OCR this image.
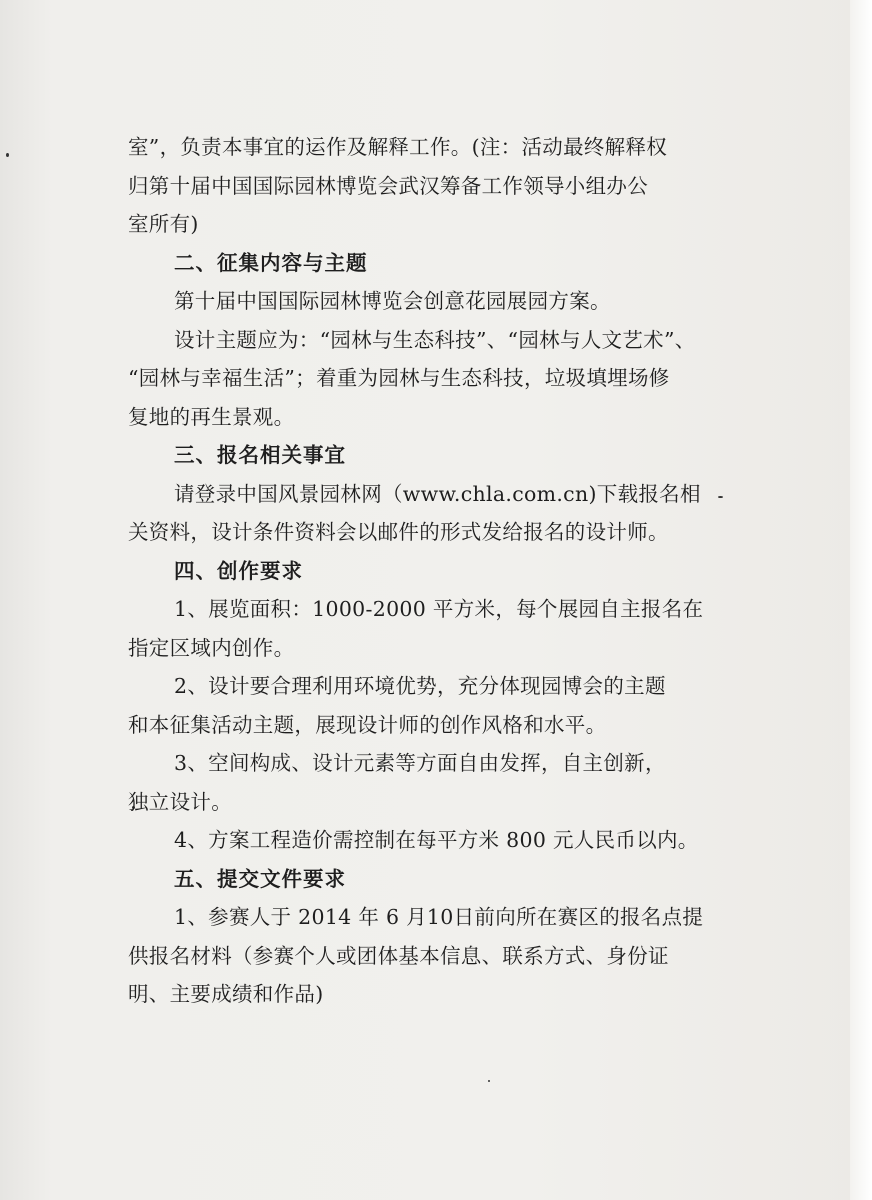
室”，负责本事宜的运作及解释工作。(注：活动最终解释权
归第十届中国国际园林博览会武汉筹备工作领导小组办公
室所有)
二、征集内容与主题
第十届中国国际园林博览会创意花园展园方案。
设计主题应为：“园林与生态科技”、“园林与人文艺术”、
“园林与幸福生活”；着重为园林与生态科技，垃圾填埋场修
复地的再生景观。
三、报名相关事宜
请登录中国风景园林网（www.chla.com.cn)下载报名相
关资料，设计条件资料会以邮件的形式发给报名的设计师。
四、创作要求
1、展览面积：1000-2000 平方米，每个展园自主报名在
指定区域内创作。
2、设计要合理利用环境优势，充分体现园博会的主题
和本征集活动主题，展现设计师的创作风格和水平。
3、空间构成、设计元素等方面自由发挥，自主创新，
独立设计。
4、方案工程造价需控制在每平方米 800 元人民币以内。
五、提交文件要求
1、参赛人于 2014 年 6 月10日前向所在赛区的报名点提
供报名材料（参赛个人或团体基本信息、联系方式、身份证
明、主要成绩和作品)
